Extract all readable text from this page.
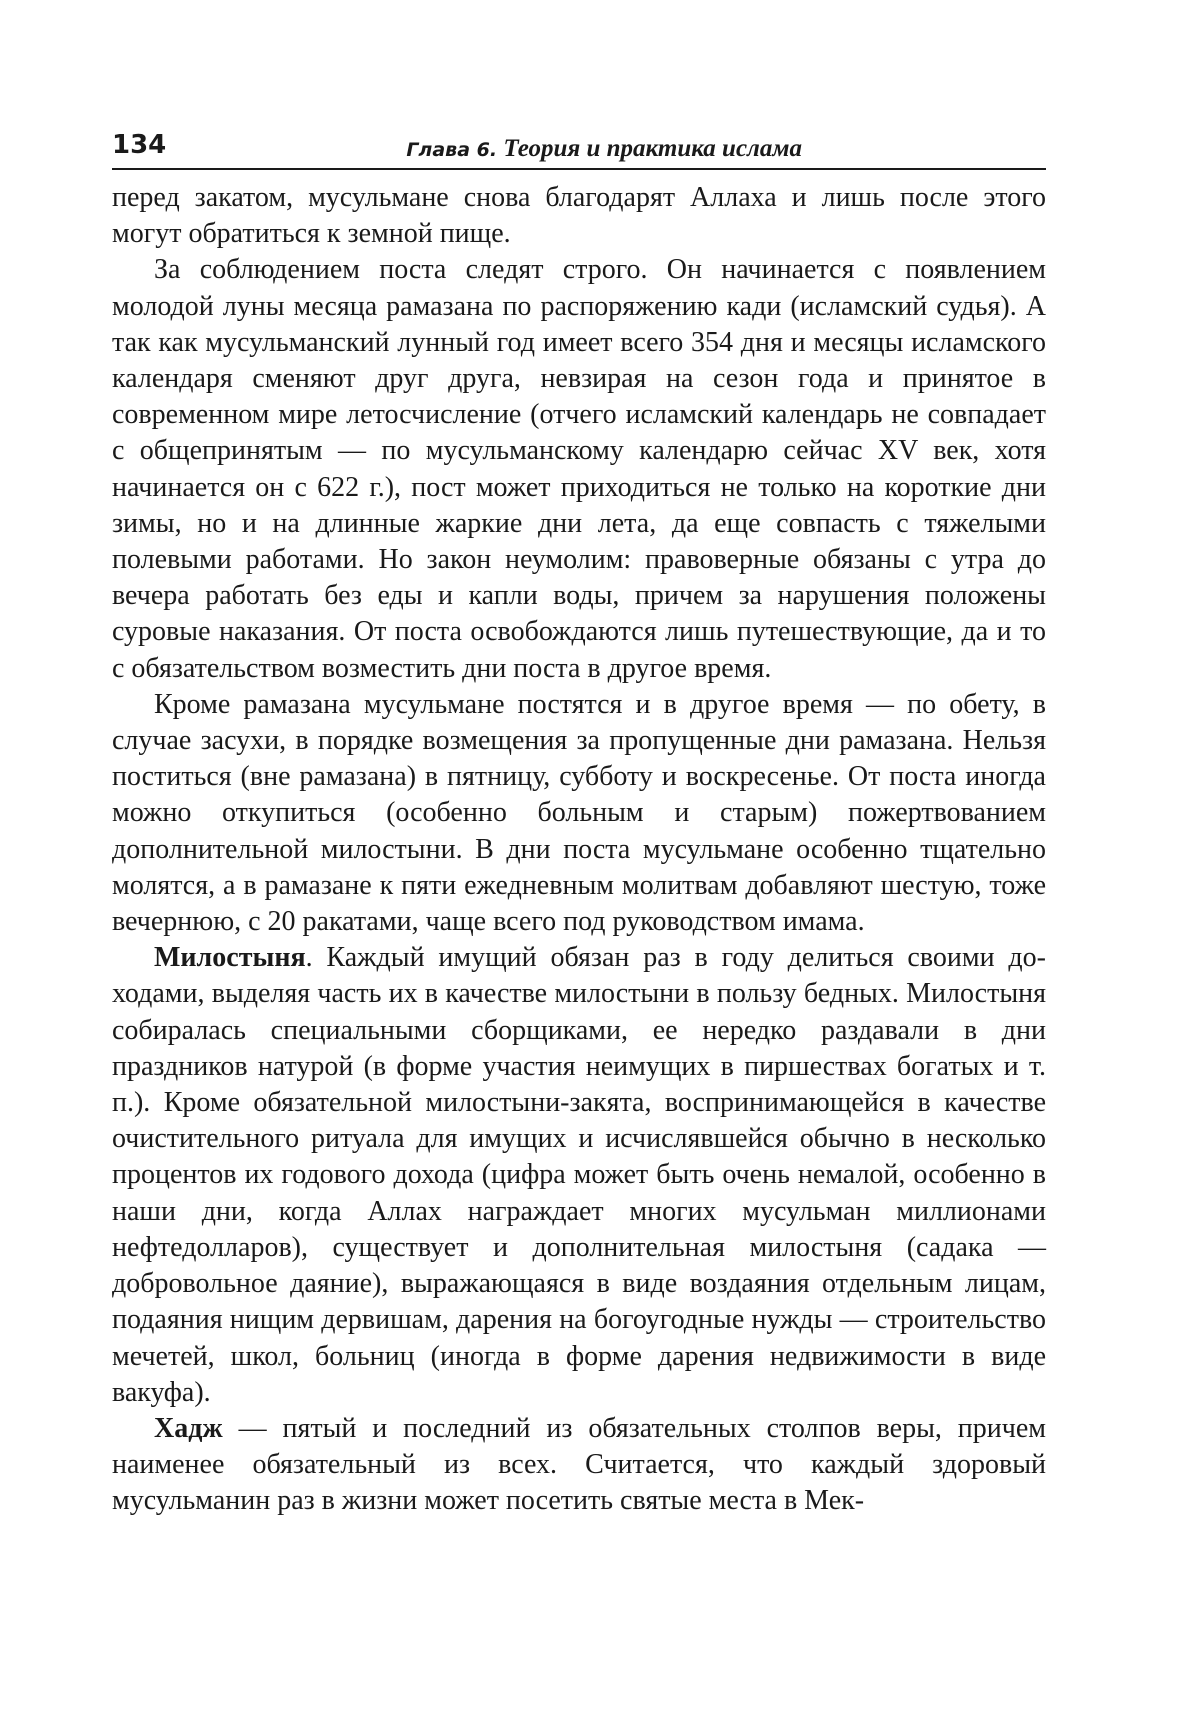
134	Глава 6. Теория и практика ислама

перед закатом, мусульмане снова благодарят Аллаха и лишь после этого могут обратиться к земной пище.

За соблюдением поста следят строго. Он начинается с появлением молодой луны месяца рамазана по распоряжению кади (исламский судья). А так как мусульманский лунный год имеет всего 354 дня и месяцы исламского календаря сменяют друг друга, невзирая на сезон года и принятое в современном мире летосчисление (отчего исламский календарь не совпадает с общепринятым — по мусульманскому календарю сейчас XV век, хотя начинается он с 622 г.), пост может приходиться не только на короткие дни зимы, но и на длинные жаркие дни лета, да еще совпасть с тяжелыми полевыми работами. Но закон неумолим: правоверные обязаны с утра до вечера работать без еды и капли воды, причем за нарушения положены суровые наказания. От поста освобождаются лишь путешествующие, да и то с обязательством возместить дни поста в другое время.

Кроме рамазана мусульмане постятся и в другое время — по обету, в случае засухи, в порядке возмещения за пропущенные дни рамазана. Нельзя поститься (вне рамазана) в пятницу, субботу и воскресенье. От поста иногда можно откупиться (особенно больным и старым) пожертвованием дополнительной милостыни. В дни поста мусульмане особенно тщательно молятся, а в рамазане к пяти ежедневным молитвам добавляют шестую, тоже вечернюю, с 20 ракатами, чаще всего под руководством имама.

Милостыня. Каждый имущий обязан раз в году делиться своими доходами, выделяя часть их в качестве милостыни в пользу бедных. Милостыня собиралась специальными сборщиками, ее нередко раздавали в дни праздников натурой (в форме участия неимущих в пиршествах богатых и т. п.). Кроме обязательной милостыни-закята, воспринимающейся в качестве очистительного ритуала для имущих и исчислявшейся обычно в несколько процентов их годового дохода (цифра может быть очень немалой, особенно в наши дни, когда Аллах награждает многих мусульман миллионами нефтедолларов), существует и дополнительная милостыня (садака — добровольное даяние), выражающаяся в виде воздаяния отдельным лицам, подаяния нищим дервишам, дарения на богоугодные нужды — строительство мечетей, школ, больниц (иногда в форме дарения недвижимости в виде вакуфа).

Хадж — пятый и последний из обязательных столпов веры, причем наименее обязательный из всех. Считается, что каждый здоровый мусульманин раз в жизни может посетить святые места в Мек-
